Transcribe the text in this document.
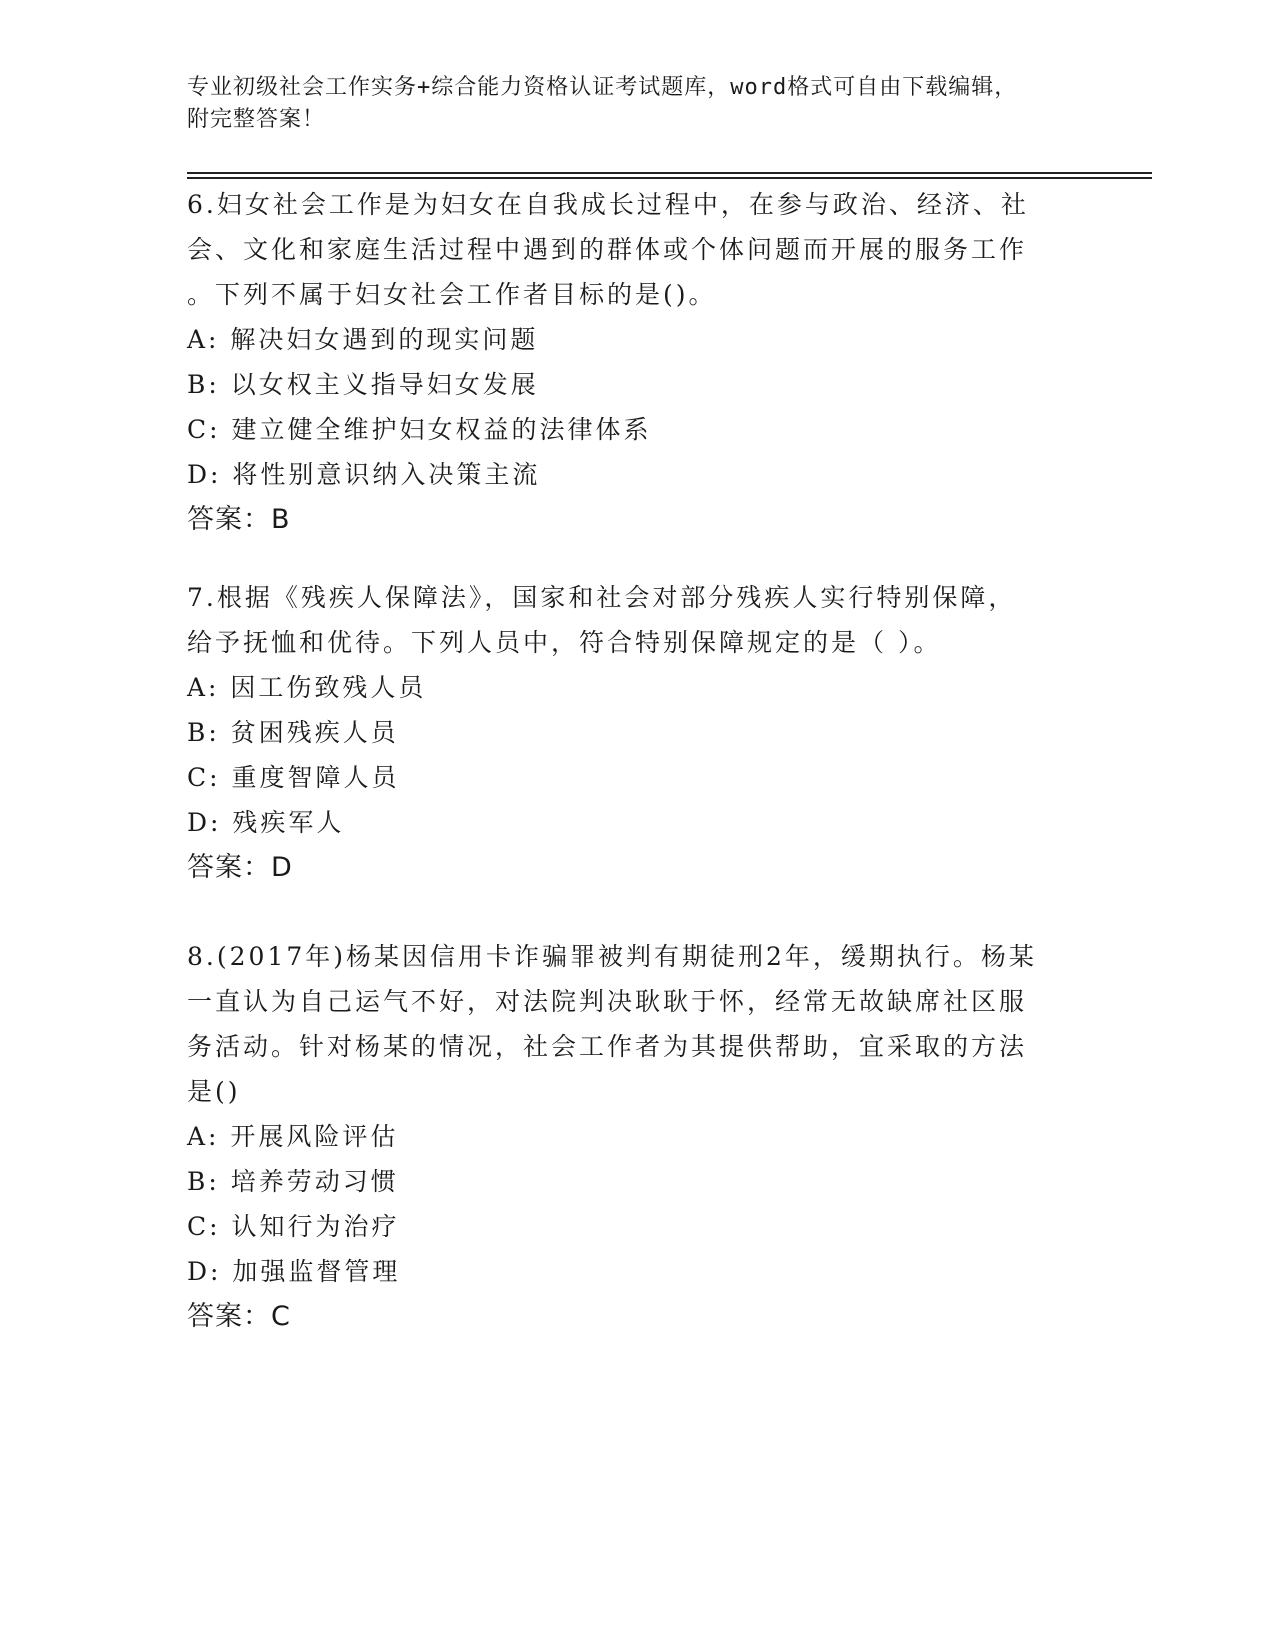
专业初级社会工作实务+综合能力资格认证考试题库，word格式可自由下载编辑，
附完整答案！
6.妇女社会工作是为妇女在自我成长过程中，在参与政治、经济、社
会、文化和家庭生活过程中遇到的群体或个体问题而开展的服务工作
。下列不属于妇女社会工作者目标的是()。
A: 解决妇女遇到的现实问题
B: 以女权主义指导妇女发展
C: 建立健全维护妇女权益的法律体系
D: 将性别意识纳入决策主流
答案：B
7.根据《残疾人保障法》，国家和社会对部分残疾人实行特别保障，
给予抚恤和优待。下列人员中，符合特别保障规定的是（ ）。
A: 因工伤致残人员
B: 贫困残疾人员
C: 重度智障人员
D: 残疾军人
答案：D
8.(2017年)杨某因信用卡诈骗罪被判有期徒刑2年，缓期执行。杨某
一直认为自己运气不好，对法院判决耿耿于怀，经常无故缺席社区服
务活动。针对杨某的情况，社会工作者为其提供帮助，宜采取的方法
是()
A: 开展风险评估
B: 培养劳动习惯
C: 认知行为治疗
D: 加强监督管理
答案：C
